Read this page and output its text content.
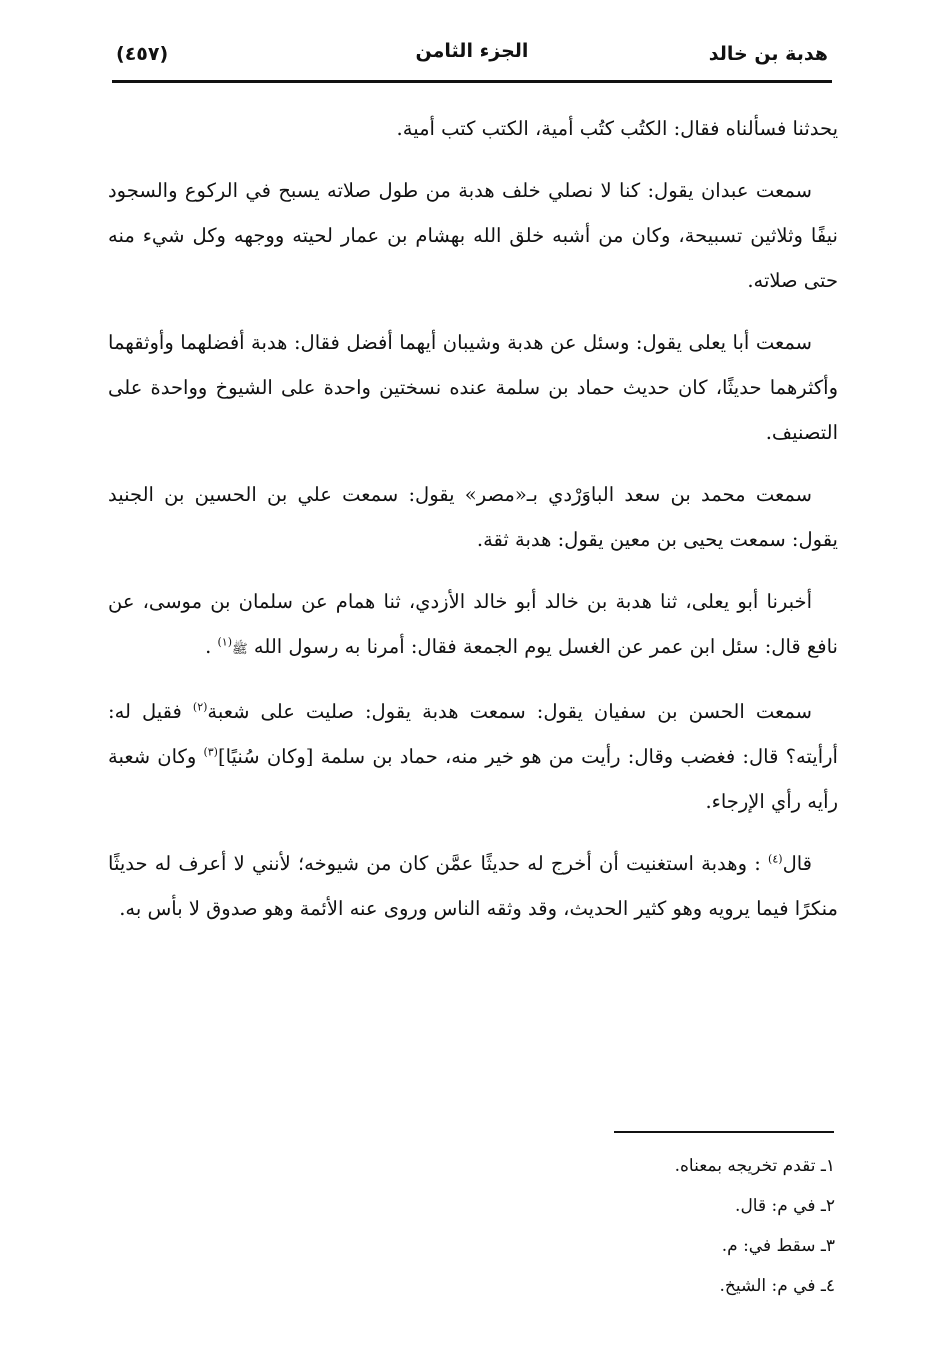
هدبة بن خالد
الجزء الثامن
(٤٥٧)

يحدثنا فسألناه فقال: الكتُب كتُب أمية، الكتب كتب أمية.

سمعت عبدان يقول: كنا لا نصلي خلف هدبة من طول صلاته يسبح في الركوع والسجود نيفًا وثلاثين تسبيحة، وكان من أشبه خلق الله بهشام بن عمار لحيته ووجهه وكل شيء منه حتى صلاته.

سمعت أبا يعلى يقول: وسئل عن هدبة وشيبان أيهما أفضل فقال: هدبة أفضلهما وأوثقهما وأكثرهما حديثًا، كان حديث حماد بن سلمة عنده نسختين واحدة على الشيوخ وواحدة على التصنيف.

سمعت محمد بن سعد الباوَرْدي بـ«مصر» يقول: سمعت علي بن الحسين بن الجنيد يقول: سمعت يحيى بن معين يقول: هدبة ثقة.

أخبرنا أبو يعلى، ثنا هدبة بن خالد أبو خالد الأزدي، ثنا همام عن سلمان بن موسى، عن نافع قال: سئل ابن عمر عن الغسل يوم الجمعة فقال: أمرنا به رسول الله ﷺ$^{(١)}$ .

سمعت الحسن بن سفيان يقول: سمعت هدبة يقول: صليت على شعبة$^{(٢)}$ فقيل له: أرأيته؟ قال: فغضب وقال: رأيت من هو خير منه، حماد بن سلمة [وكان سُنيًا]$^{(٣)}$ وكان شعبة رأيه رأي الإرجاء.

قال$^{(٤)}$ : وهدبة استغنيت أن أخرج له حديثًا عمَّن كان من شيوخه؛ لأنني لا أعرف له حديثًا منكرًا فيما يرويه وهو كثير الحديث، وقد وثقه الناس وروى عنه الأئمة وهو صدوق لا بأس به.

١ـ تقدم تخريجه بمعناه.
٢ـ في م: قال.
٣ـ سقط في: م.
٤ـ في م: الشيخ.
